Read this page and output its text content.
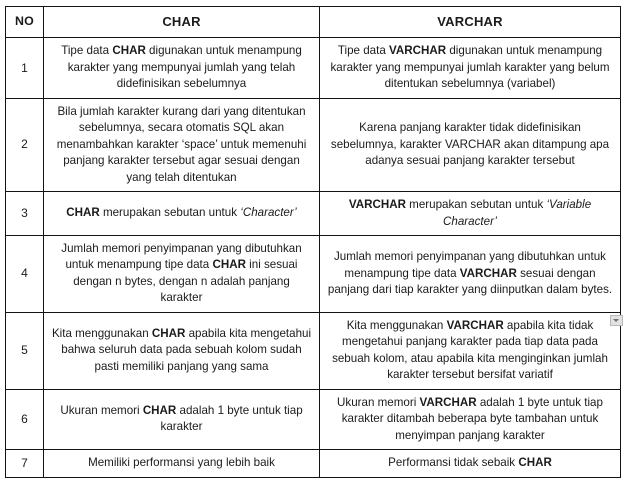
NO	CHAR	VARCHAR
1	Tipe data CHAR digunakan untuk menampung karakter yang mempunyai jumlah yang telah didefinisikan sebelumnya	Tipe data VARCHAR digunakan untuk menampung karakter yang mempunyai jumlah karakter yang belum ditentukan sebelumnya (variabel)
2	Bila jumlah karakter kurang dari yang ditentukan sebelumnya, secara otomatis SQL akan menambahkan karakter ‘space’ untuk memenuhi panjang karakter tersebut agar sesuai dengan yang telah ditentukan	Karena panjang karakter tidak didefinisikan sebelumnya, karakter VARCHAR akan ditampung apa adanya sesuai panjang karakter tersebut
3	CHAR merupakan sebutan untuk ‘Character’	VARCHAR merupakan sebutan untuk ‘Variable Character’
4	Jumlah memori penyimpanan yang dibutuhkan untuk menampung tipe data CHAR ini sesuai dengan n bytes, dengan n adalah panjang karakter	Jumlah memori penyimpanan yang dibutuhkan untuk menampung tipe data VARCHAR sesuai dengan panjang dari tiap karakter yang diinputkan dalam bytes.
5	Kita menggunakan CHAR apabila kita mengetahui bahwa seluruh data pada sebuah kolom sudah pasti memiliki panjang yang sama	Kita menggunakan VARCHAR apabila kita tidak mengetahui panjang karakter pada tiap data pada sebuah kolom, atau apabila kita menginginkan jumlah karakter tersebut bersifat variatif
6	Ukuran memori CHAR adalah 1 byte untuk tiap karakter	Ukuran memori VARCHAR adalah 1 byte untuk tiap karakter ditambah beberapa byte tambahan untuk menyimpan panjang karakter
7	Memiliki performansi yang lebih baik	Performansi tidak sebaik CHAR
